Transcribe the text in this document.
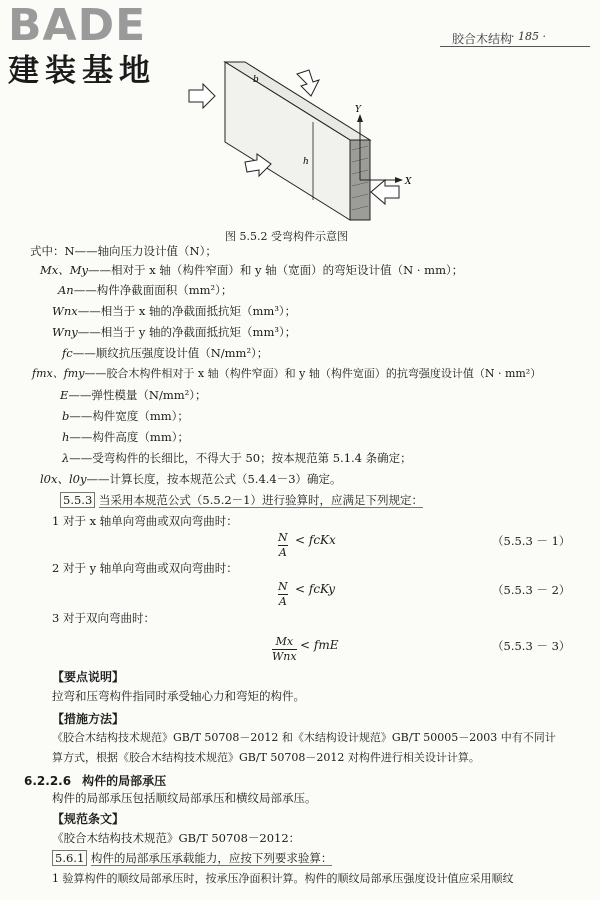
BADE
建装基地
胶合木结构
· 185 ·
Y
X
h
b
图 5.5.2 受弯构件示意图
式中：N——轴向压力设计值（N）；
Mx、My——相对于 x 轴（构件窄面）和 y 轴（宽面）的弯矩设计值（N · mm）；
An——构件净截面面积（mm²）；
Wnx——相当于 x 轴的净截面抵抗矩（mm³）；
Wny——相当于 y 轴的净截面抵抗矩（mm³）；
fc——顺纹抗压强度设计值（N/mm²）；
fmx、fmy——胶合木构件相对于 x 轴（构件窄面）和 y 轴（构件宽面）的抗弯强度设计值（N · mm²）
E——弹性模量（N/mm²）；
b——构件宽度（mm）；
h——构件高度（mm）；
λ——受弯构件的长细比，不得大于 50；按本规范第 5.1.4 条确定；
l0x、l0y——计算长度，按本规范公式（5.4.4－3）确定。
5.5.3 当采用本规范公式（5.5.2－1）进行验算时，应满足下列规定：
1 对于 x 轴单向弯曲或双向弯曲时：
$\frac{N}{A}$ < fcKx	（5.5.3 － 1）
2 对于 y 轴单向弯曲或双向弯曲时：
$\frac{N}{A}$ < fcKy	（5.5.3 － 2）
3 对于双向弯曲时：
Mx
Wnx
< fmE	（5.5.3 － 3）
【要点说明】
拉弯和压弯构件指同时承受轴心力和弯矩的构件。
【措施方法】
《胶合木结构技术规范》GB/T 50708－2012 和《木结构设计规范》GB/T 50005－2003 中有不同计
算方式，根据《胶合木结构技术规范》GB/T 50708－2012 对构件进行相关设计计算。
6.2.2.6 构件的局部承压
构件的局部承压包括顺纹局部承压和横纹局部承压。
【规范条文】
《胶合木结构技术规范》GB/T 50708－2012：
5.6.1 构件的局部承压承载能力，应按下列要求验算：
1 验算构件的顺纹局部承压时，按承压净面积计算。构件的顺纹局部承压强度设计值应采用顺纹
